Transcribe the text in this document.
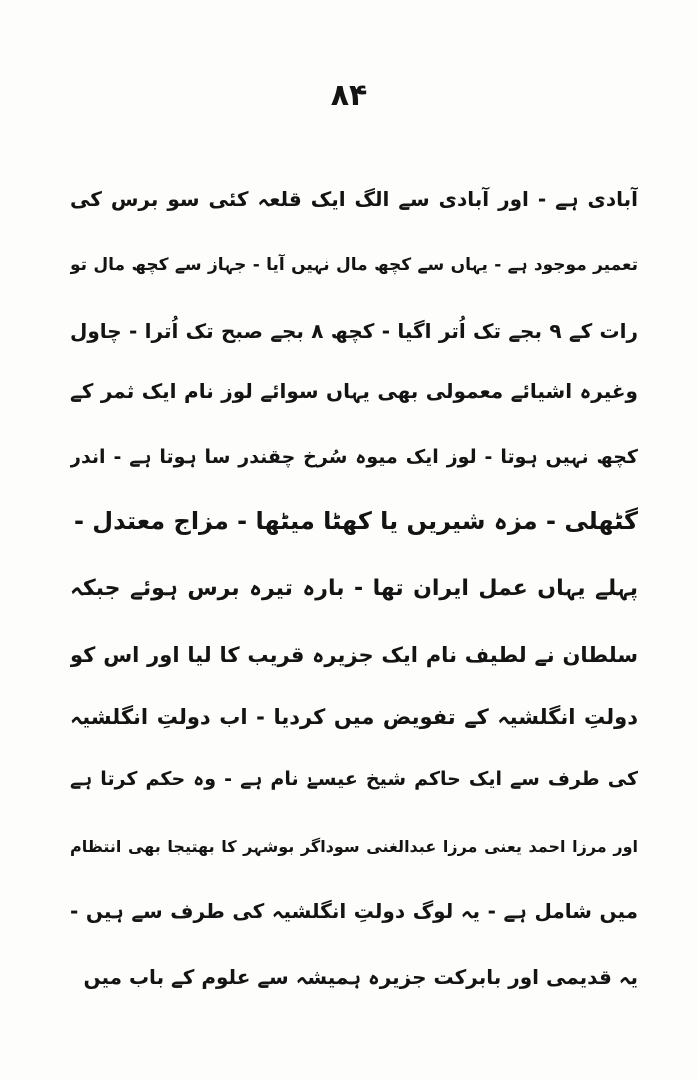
۸۴
آبادی ہے - اور آبادی سے الگ ایک قلعہ کئی سو برس کی
تعمیر موجود ہے - یہاں سے کچھ مال نہیں آیا - جہاز سے کچھ مال تو
رات کے ۹ بجے تک اُتر اگیا - کچھ ۸ بجے صبح تک اُترا - چاول
وغیرہ اشیائے معمولی بھی یہاں سوائے لوز نام ایک ثمر کے
کچھ نہیں ہوتا - لوز ایک میوہ سُرخ چقندر سا ہوتا ہے - اندر
گٹھلی - مزہ شیریں یا کھٹا میٹھا - مزاج معتدل -
پہلے یہاں عمل ایران تھا - بارہ تیرہ برس ہوئے جبکہ
سلطان نے لطیف نام ایک جزیرہ قریب کا لیا اور اس کو
دولتِ انگلشیہ کے تفویض میں کردیا - اب دولتِ انگلشیہ
کی طرف سے ایک حاکم شیخ عیسےٰ نام ہے - وہ حکم کرتا ہے
اور مرزا احمد یعنی مرزا عبدالغنی سوداگر بوشہر کا بھتیجا بھی انتظام
میں شامل ہے - یہ لوگ دولتِ انگلشیہ کی طرف سے ہیں -
یہ قدیمی اور بابرکت جزیرہ ہمیشہ سے علوم کے باب میں
